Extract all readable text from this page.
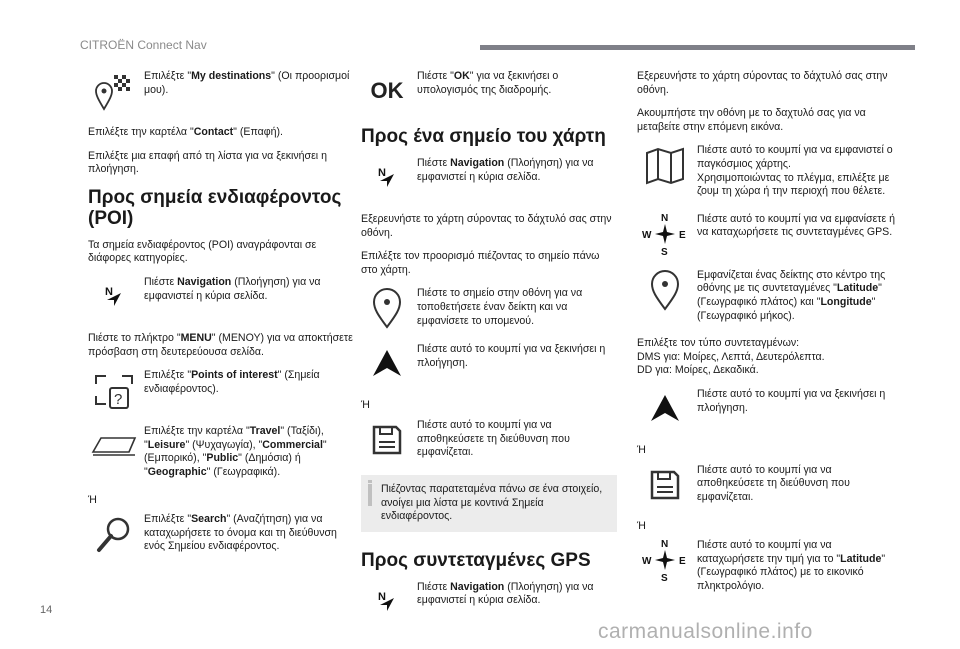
CITROËN Connect Nav
Επιλέξτε "My destinations" (Οι προορισμοί μου).

Επιλέξτε την καρτέλα "Contact" (Επαφή).

Επιλέξτε μια επαφή από τη λίστα για να ξεκινήσει η πλοήγηση.

Προς σημεία ενδιαφέροντος (POI)

Τα σημεία ενδιαφέροντος (POI) αναγράφονται σε διάφορες κατηγορίες.

N
Πιέστε Navigation (Πλοήγηση) για να εμφανιστεί η κύρια σελίδα.

Πιέστε το πλήκτρο "MENU" (ΜΕΝΟΥ) για να αποκτήσετε πρόσβαση στη δευτερεύουσα σελίδα.

?
Επιλέξτε "Points of interest" (Σημεία ενδιαφέροντος).
Επιλέξτε την καρτέλα "Travel" (Ταξίδι), "Leisure" (Ψυχαγωγία), "Commercial" (Εμπορικό), "Public" (Δημόσια) ή "Geographic" (Γεωγραφικά).

Ή

Επιλέξτε "Search" (Αναζήτηση) για να καταχωρήσετε το όνομα και τη διεύθυνση ενός Σημείου ενδιαφέροντος.
OK
Πιέστε "OK" για να ξεκινήσει ο υπολογισμός της διαδρομής.
Προς ένα σημείο του χάρτη
N
Πιέστε Navigation (Πλοήγηση) για να εμφανιστεί η κύρια σελίδα.

Εξερευνήστε το χάρτη σύροντας το δάχτυλό σας στην οθόνη.

Επιλέξτε τον προορισμό πιέζοντας το σημείο πάνω στο χάρτη.

Πιέστε το σημείο στην οθόνη για να τοποθετήσετε έναν δείκτη και να εμφανίσετε το υπομενού.
Πιέστε αυτό το κουμπί για να ξεκινήσει η πλοήγηση.

Ή

Πιέστε αυτό το κουμπί για να αποθηκεύσετε τη διεύθυνση που εμφανίζεται.
Πιέζοντας παρατεταμένα πάνω σε ένα στοιχείο, ανοίγει μια λίστα με κοντινά Σημεία ενδιαφέροντος.
Προς συντεταγμένες GPS
N
Πιέστε Navigation (Πλοήγηση) για να εμφανιστεί η κύρια σελίδα.

Εξερευνήστε το χάρτη σύροντας το δάχτυλό σας στην οθόνη.

Ακουμπήστε την οθόνη με το δαχτυλό σας για να μεταβείτε στην επόμενη εικόνα.

Πιέστε αυτό το κουμπί για να εμφανιστεί ο παγκόσμιος χάρτης.
Χρησιμοποιώντας το πλέγμα, επιλέξτε με ζουμ τη χώρα ή την περιοχή που θέλετε.
N
S
W	E
Πιέστε αυτό το κουμπί για να εμφανίσετε ή να καταχωρήσετε τις συντεταγμένες GPS.
Εμφανίζεται ένας δείκτης στο κέντρο της οθόνης με τις συντεταγμένες "Latitude" (Γεωγραφικό πλάτος) και "Longitude" (Γεωγραφικό μήκος).

Επιλέξτε τον τύπο συντεταγμένων:
DMS για: Μοίρες, Λεπτά, Δευτερόλεπτα.
DD για: Μοίρες, Δεκαδικά.

Πιέστε αυτό το κουμπί για να ξεκινήσει η πλοήγηση.

Ή

Πιέστε αυτό το κουμπί για να αποθηκεύσετε τη διεύθυνση που εμφανίζεται.

Ή

N
S
W	E
Πιέστε αυτό το κουμπί για να καταχωρήσετε την τιμή για το "Latitude" (Γεωγραφικό πλάτος) με το εικονικό πληκτρολόγιο.
14
carmanualsonline.info
